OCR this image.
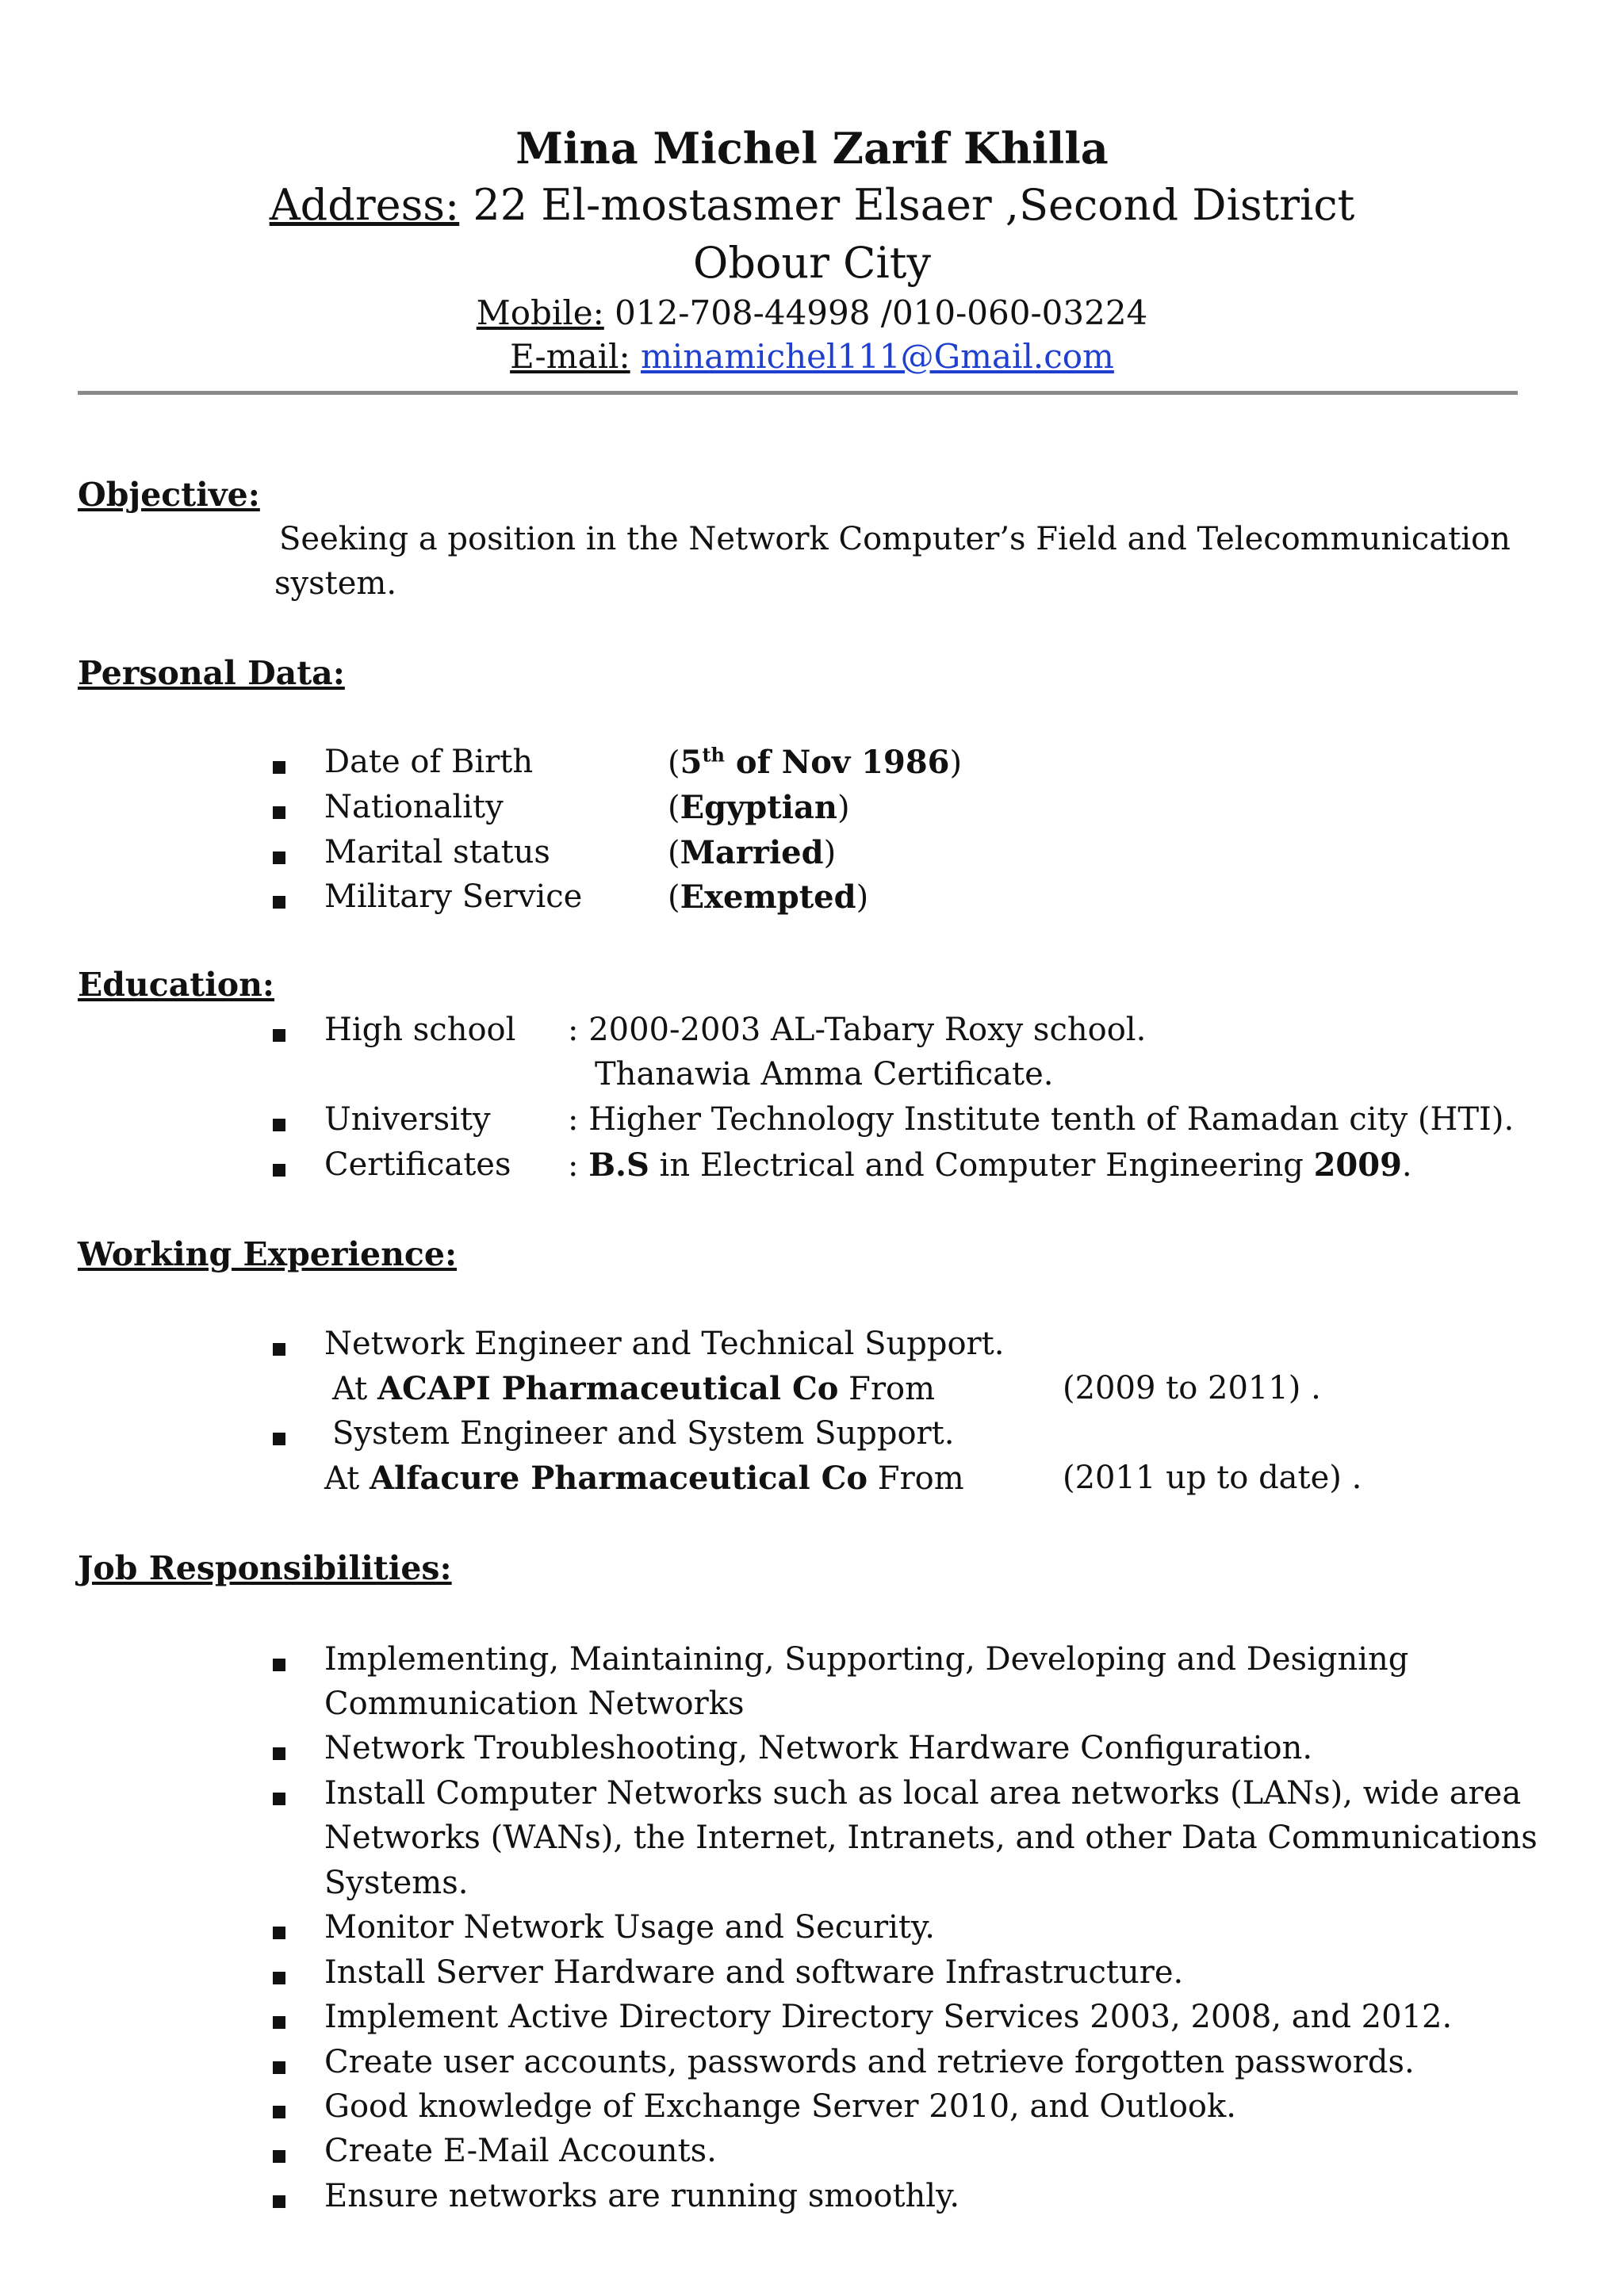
Mina Michel Zarif Khilla
Address: 22 El-mostasmer Elsaer ,Second District
Obour City
Mobile: 012-708-44998 /010-060-03224
E-mail: minamichel111@Gmail.com
Objective:
Seeking a position in the Network Computer’s Field and Telecommunication
system.
Personal Data:
Date of Birth	(5th of Nov 1986)
Nationality	(Egyptian)
Marital status	(Married)
Military Service	(Exempted)
Education:
High school : 2000-2003 AL-Tabary Roxy school.
Thanawia Amma Certificate.
University : Higher Technology Institute tenth of Ramadan city (HTI).
Certificates : B.S in Electrical and Computer Engineering 2009.
Working Experience:
Network Engineer and Technical Support.
At ACAPI Pharmaceutical Co From	(2009 to 2011) .
System Engineer and System Support.
At Alfacure Pharmaceutical Co From	(2011 up to date) .
Job Responsibilities:
Implementing, Maintaining, Supporting, Developing and Designing
Communication Networks
Network Troubleshooting, Network Hardware Configuration.
Install Computer Networks such as local area networks (LANs), wide area
Networks (WANs), the Internet, Intranets, and other Data Communications
Systems.
Monitor Network Usage and Security.
Install Server Hardware and software Infrastructure.
Implement Active Directory Directory Services 2003, 2008, and 2012.
Create user accounts, passwords and retrieve forgotten passwords.
Good knowledge of Exchange Server 2010, and Outlook.
Create E-Mail Accounts.
Ensure networks are running smoothly.
